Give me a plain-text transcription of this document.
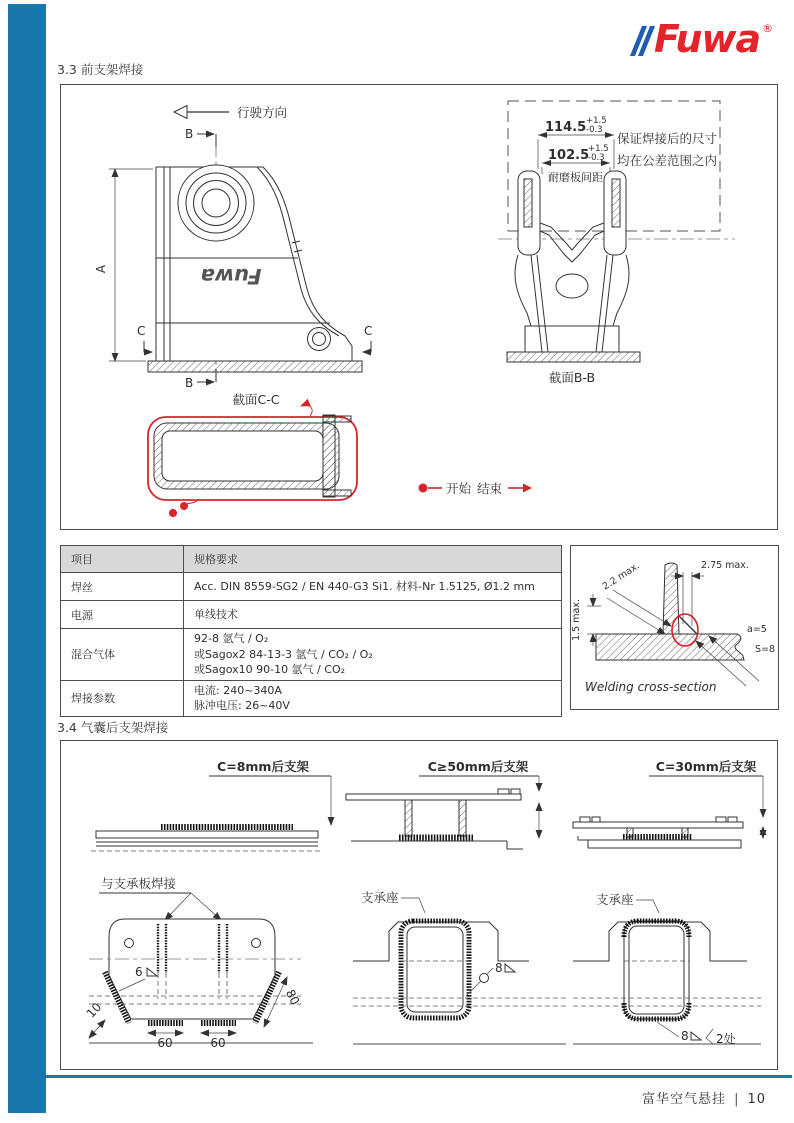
Fuwa ®
3.3 前支架焊接
行驶方向
Fuwa
A
B
B
C	C
截面C-C
开始 结束
114.5 +1.5
-0.3
102.5
+1.5
-0.3
耐磨板间距
保证焊接后的尺寸
均在公差范围之内
截面B-B
项目	规格要求
焊丝	Acc. DIN 8559-SG2 / EN 440-G3 Si1. 材料-Nr 1.5125, Ø1.2 mm

电源	单线技术

混合气体	92-8 氩气 / O₂
或Sagox2 84-13-3 氩气 / CO₂ / O₂
或Sagox10 90-10 氩气 / CO₂

焊接参数	电流: 240~340A
脉冲电压: 26~40V
2.75 max.
2.2 max.
1.5 max.	a=5
S=8
Welding cross-section
3.4 气囊后支架焊接
C=8mm后支架	C≥50mm后支架	C=30mm后支架
与支承板焊接
60	60
6
10
80
支承座
8
支承座
8 2处
富华空气悬挂 | 10
